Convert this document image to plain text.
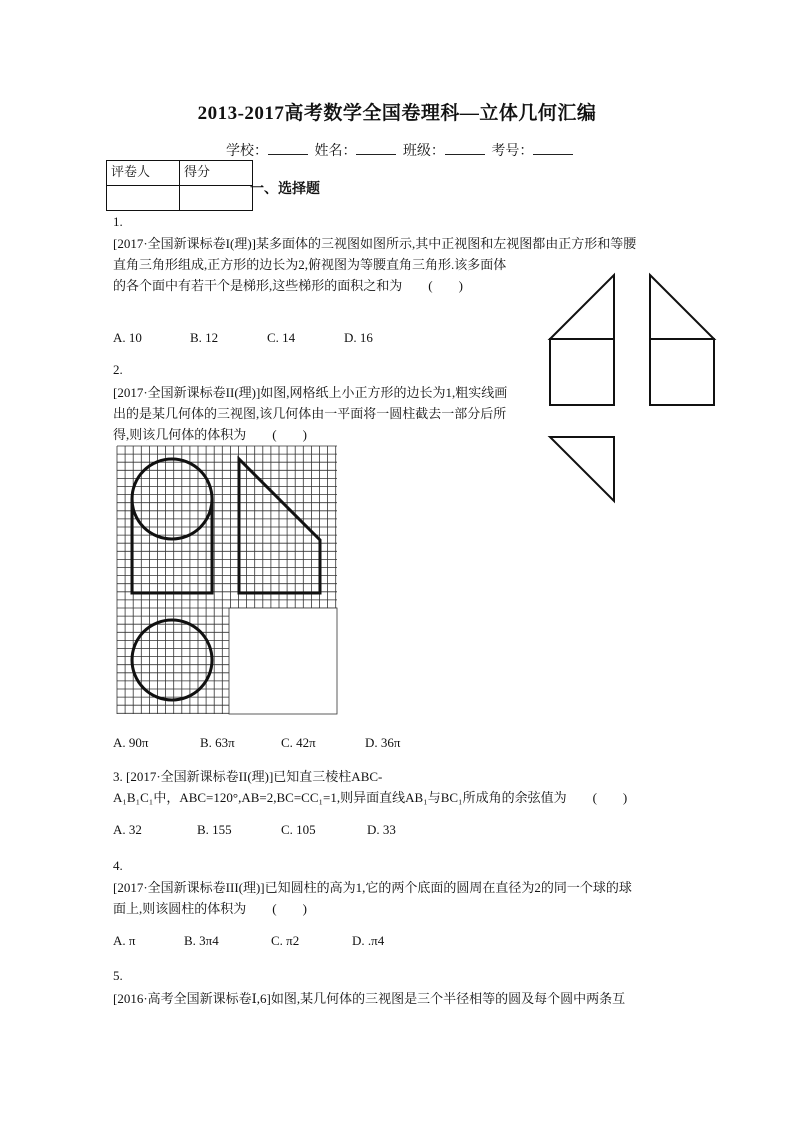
2013-2017高考数学全国卷理科—立体几何汇编
学校：	姓名：	班级：	考号：
评卷人	得分

一、选择题
1.
[2017·全国新课标卷I(理)]某多面体的三视图如图所示,其中正视图和左视图都由正方形和等腰
直角三角形组成,正方形的边长为2,俯视图为等腰直角三角形.该多面体
的各个面中有若干个是梯形,这些梯形的面积之和为　　(　　)
A. 10	B. 12	C. 14	D. 16
2.
[2017·全国新课标卷II(理)]如图,网格纸上小正方形的边长为1,粗实线画
出的是某几何体的三视图,该几何体由一平面将一圆柱截去一部分后所
得,则该几何体的体积为　　(　　)
A. 90π	B. 63π	C. 42π	D. 36π
3. [2017·全国新课标卷II(理)]已知直三棱柱ABC-
A₁B₁C₁中，ABC=120°,AB=2,BC=CC₁=1,则异面直线AB₁与BC₁所成角的余弦值为　　(　　)
A. 32	B. 155	C. 105	D. 33
4.
[2017·全国新课标卷III(理)]已知圆柱的高为1,它的两个底面的圆周在直径为2的同一个球的球
面上,则该圆柱的体积为　　(　　)
A. π	B. 3π4	C. π2	D. .π4
5.
[2016·高考全国新课标卷Ⅰ,6]如图,某几何体的三视图是三个半径相等的圆及每个圆中两条互
